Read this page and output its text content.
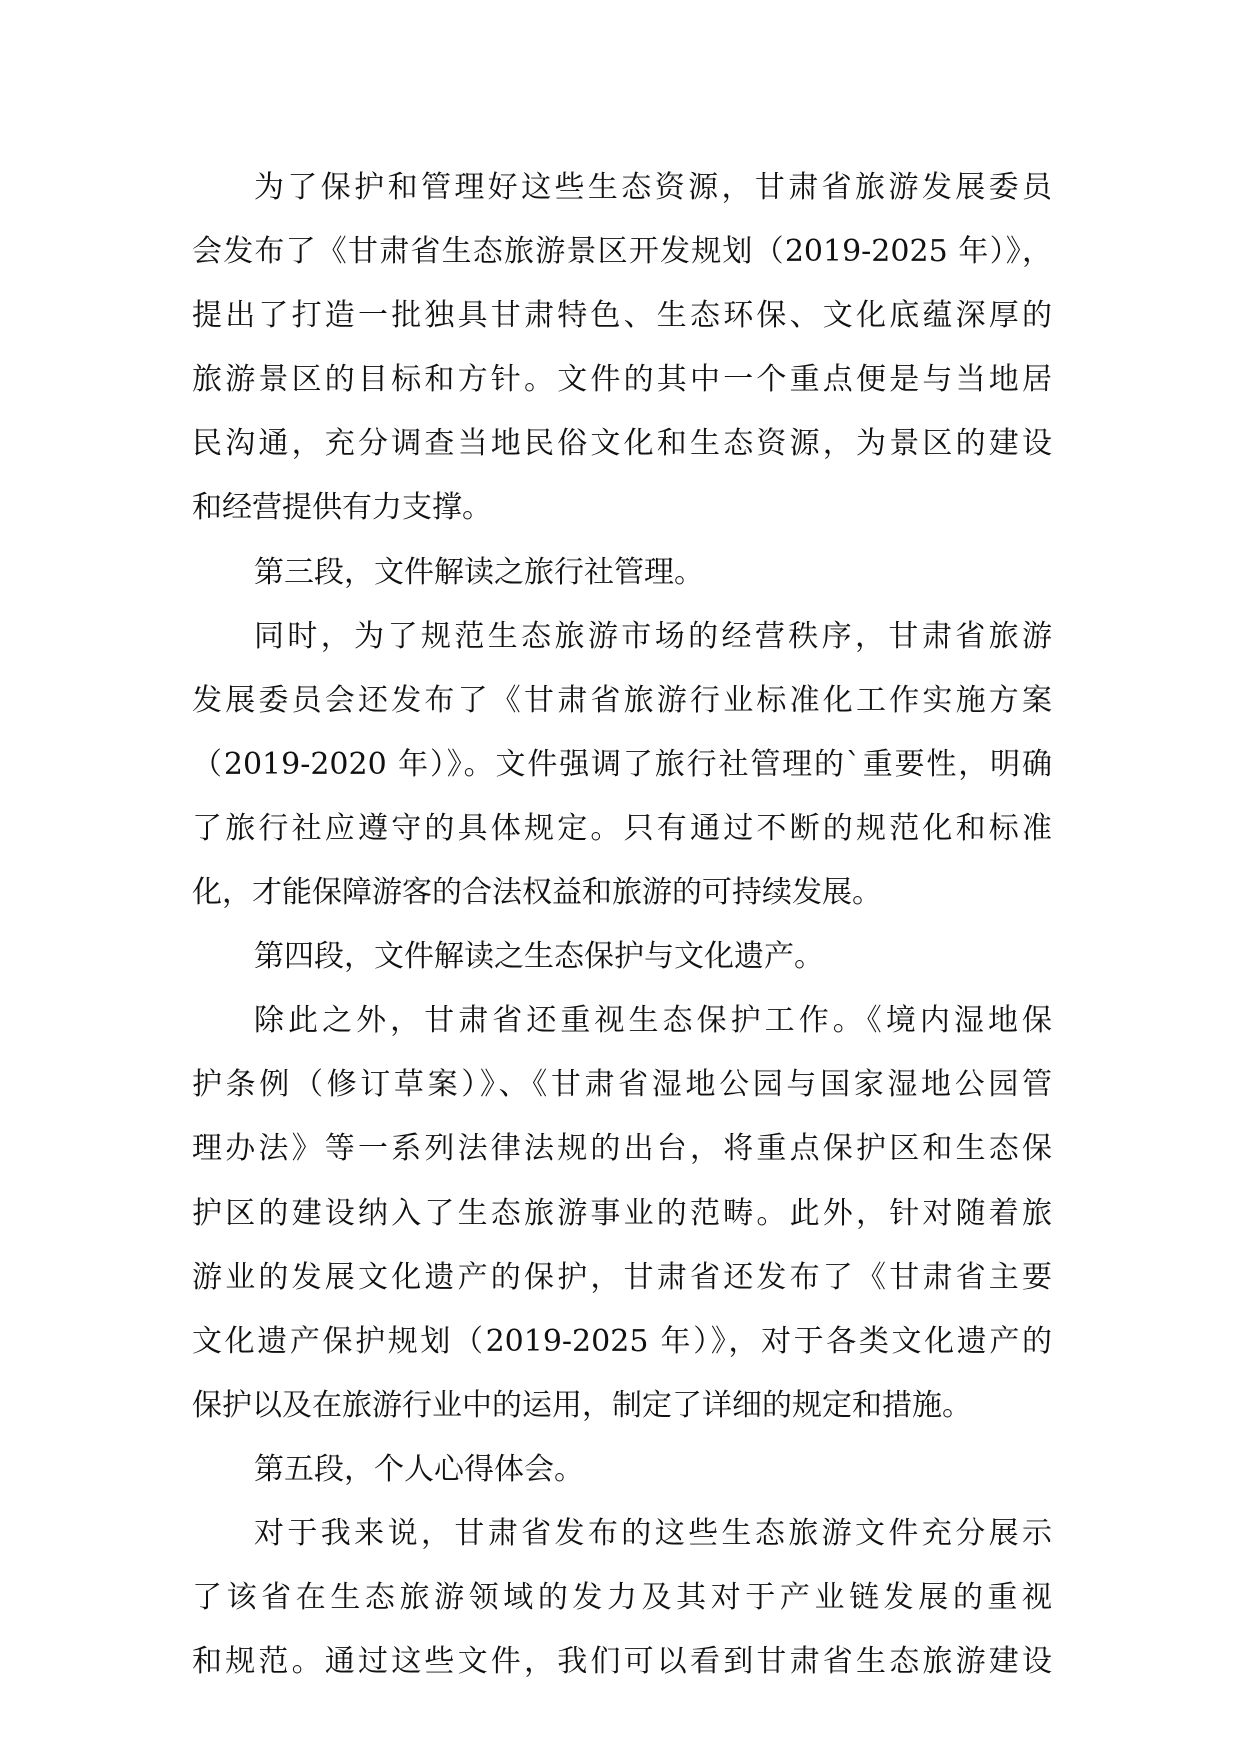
为了保护和管理好这些生态资源，甘肃省旅游发展委员
会发布了《甘肃省生态旅游景区开发规划（2019-2025 年）》，
提出了打造一批独具甘肃特色、生态环保、文化底蕴深厚的
旅游景区的目标和方针。文件的其中一个重点便是与当地居
民沟通，充分调查当地民俗文化和生态资源，为景区的建设
和经营提供有力支撑。
第三段，文件解读之旅行社管理。
同时，为了规范生态旅游市场的经营秩序，甘肃省旅游
发展委员会还发布了《甘肃省旅游行业标准化工作实施方案
（2019-2020 年）》。文件强调了旅行社管理的`重要性，明确
了旅行社应遵守的具体规定。只有通过不断的规范化和标准
化，才能保障游客的合法权益和旅游的可持续发展。
第四段，文件解读之生态保护与文化遗产。
除此之外，甘肃省还重视生态保护工作。《境内湿地保
护条例（修订草案）》、《甘肃省湿地公园与国家湿地公园管
理办法》等一系列法律法规的出台，将重点保护区和生态保
护区的建设纳入了生态旅游事业的范畴。此外，针对随着旅
游业的发展文化遗产的保护，甘肃省还发布了《甘肃省主要
文化遗产保护规划（2019-2025 年）》，对于各类文化遗产的
保护以及在旅游行业中的运用，制定了详细的规定和措施。
第五段，个人心得体会。
对于我来说，甘肃省发布的这些生态旅游文件充分展示
了该省在生态旅游领域的发力及其对于产业链发展的重视
和规范。通过这些文件，我们可以看到甘肃省生态旅游建设
